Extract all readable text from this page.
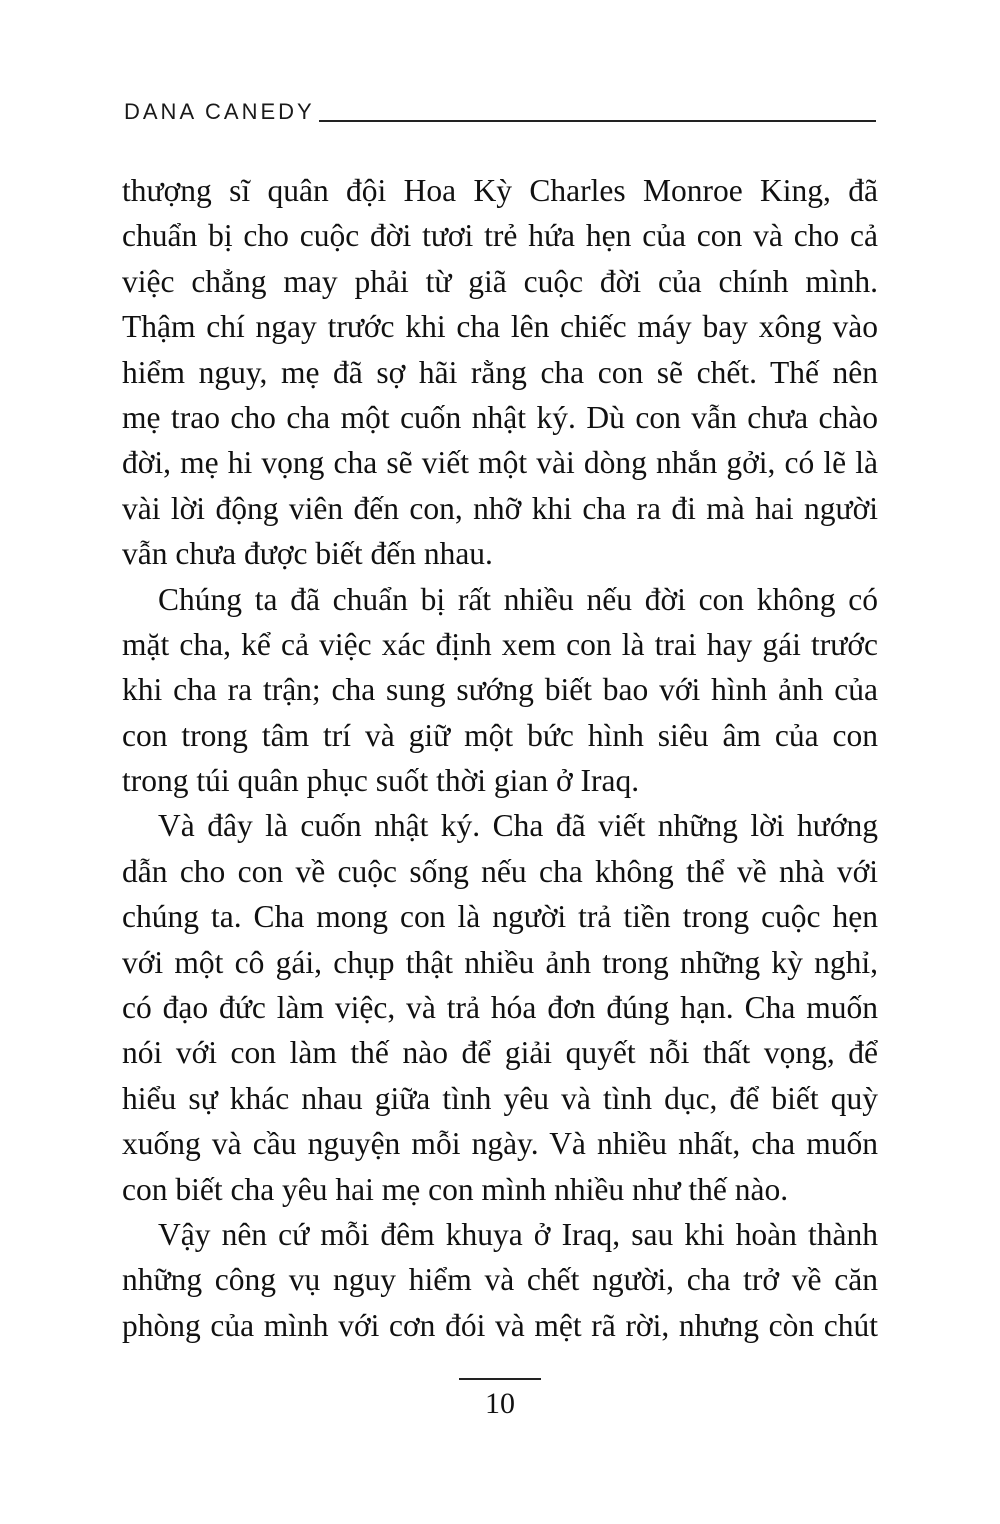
DANA CANEDY
thượng sĩ quân đội Hoa Kỳ Charles Monroe King, đã
chuẩn bị cho cuộc đời tươi trẻ hứa hẹn của con và cho cả
việc chẳng may phải từ giã cuộc đời của chính mình.
Thậm chí ngay trước khi cha lên chiếc máy bay xông vào
hiểm nguy, mẹ đã sợ hãi rằng cha con sẽ chết. Thế nên
mẹ trao cho cha một cuốn nhật ký. Dù con vẫn chưa chào
đời, mẹ hi vọng cha sẽ viết một vài dòng nhắn gởi, có lẽ là
vài lời động viên đến con, nhỡ khi cha ra đi mà hai người
vẫn chưa được biết đến nhau.
Chúng ta đã chuẩn bị rất nhiều nếu đời con không có
mặt cha, kể cả việc xác định xem con là trai hay gái trước
khi cha ra trận; cha sung sướng biết bao với hình ảnh của
con trong tâm trí và giữ một bức hình siêu âm của con
trong túi quân phục suốt thời gian ở Iraq.
Và đây là cuốn nhật ký. Cha đã viết những lời hướng
dẫn cho con về cuộc sống nếu cha không thể về nhà với
chúng ta. Cha mong con là người trả tiền trong cuộc hẹn
với một cô gái, chụp thật nhiều ảnh trong những kỳ nghỉ,
có đạo đức làm việc, và trả hóa đơn đúng hạn. Cha muốn
nói với con làm thế nào để giải quyết nỗi thất vọng, để
hiểu sự khác nhau giữa tình yêu và tình dục, để biết quỳ
xuống và cầu nguyện mỗi ngày. Và nhiều nhất, cha muốn
con biết cha yêu hai mẹ con mình nhiều như thế nào.
Vậy nên cứ mỗi đêm khuya ở Iraq, sau khi hoàn thành
những công vụ nguy hiểm và chết người, cha trở về căn
phòng của mình với cơn đói và mệt rã rời, nhưng còn chút
10
